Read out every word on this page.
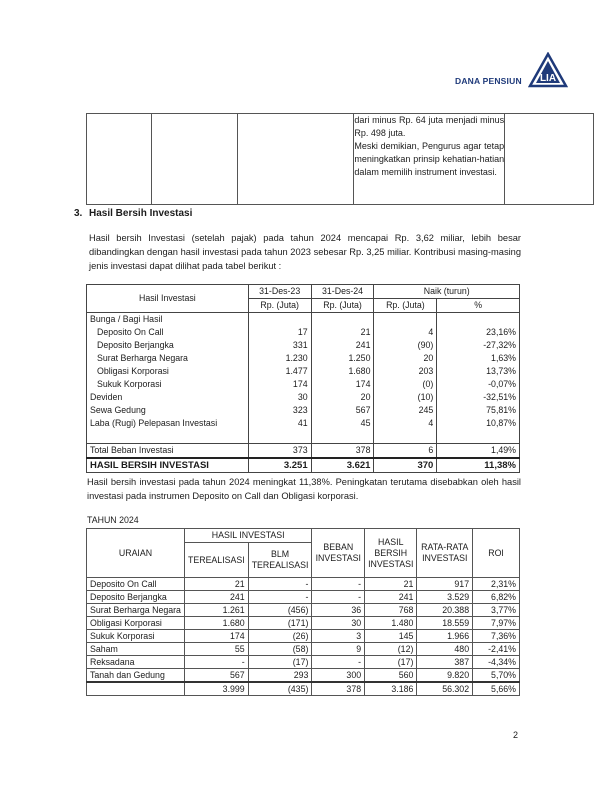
DANA PENSIUN LIA

dari minus Rp. 64 juta menjadi minus Rp. 498 juta.

Meski demikian, Pengurus agar tetap meningkatkan prinsip kehatian-hatian dalam memilih instrument investasi.

3. Hasil Bersih Investasi
Hasil bersih Investasi (setelah pajak) pada tahun 2024 mencapai Rp. 3,62 miliar, lebih besar dibandingkan dengan hasil investasi pada tahun 2023 sebesar Rp. 3,25 miliar. Kontribusi masing-masing jenis investasi dapat dilihat pada tabel berikut :
Hasil Investasi	31-Des-23	31-Des-24	Naik (turun)	
	Rp. (Juta)	Rp. (Juta)	Rp. (Juta)	%
Bunga / Bagi Hasil				
Deposito On Call	17	21	4	23,16%
Deposito Berjangka	331	241	(90)	-27,32%
Surat Berharga Negara	1.230	1.250	20	1,63%
Obligasi Korporasi	1.477	1.680	203	13,73%
Sukuk Korporasi	174	174	(0)	-0,07%
Deviden	30	20	(10)	-32,51%
Sewa Gedung	323	567	245	75,81%
Laba (Rugi) Pelepasan Investasi	41	45	4	10,87%

Total Beban Investasi	373	378	6	1,49%
HASIL BERSIH INVESTASI	3.251	3.621	370	11,38%
Hasil bersih investasi pada tahun 2024 meningkat 11,38%. Peningkatan terutama disebabkan oleh hasil investasi pada instrumen Deposito on Call dan Obligasi korporasi.
TAHUN 2024
URAIAN	HASIL INVESTASI		BEBAN INVESTASI	HASIL BERSIH INVESTASI	RATA-RATA INVESTASI	ROI
	TEREALISASI	BLM TEREALISASI				
Deposito On Call	21	-	-	21	917	2,31%
Deposito Berjangka	241	-	-	241	3.529	6,82%
Surat Berharga Negara	1.261	(456)	36	768	20.388	3,77%
Obligasi Korporasi	1.680	(171)	30	1.480	18.559	7,97%
Sukuk Korporasi	174	(26)	3	145	1.966	7,36%
Saham	55	(58)	9	(12)	480	-2,41%
Reksadana	-	(17)	-	(17)	387	-4,34%
Tanah dan Gedung	567	293	300	560	9.820	5,70%
	3.999	(435)	378	3.186	56.302	5,66%
2
